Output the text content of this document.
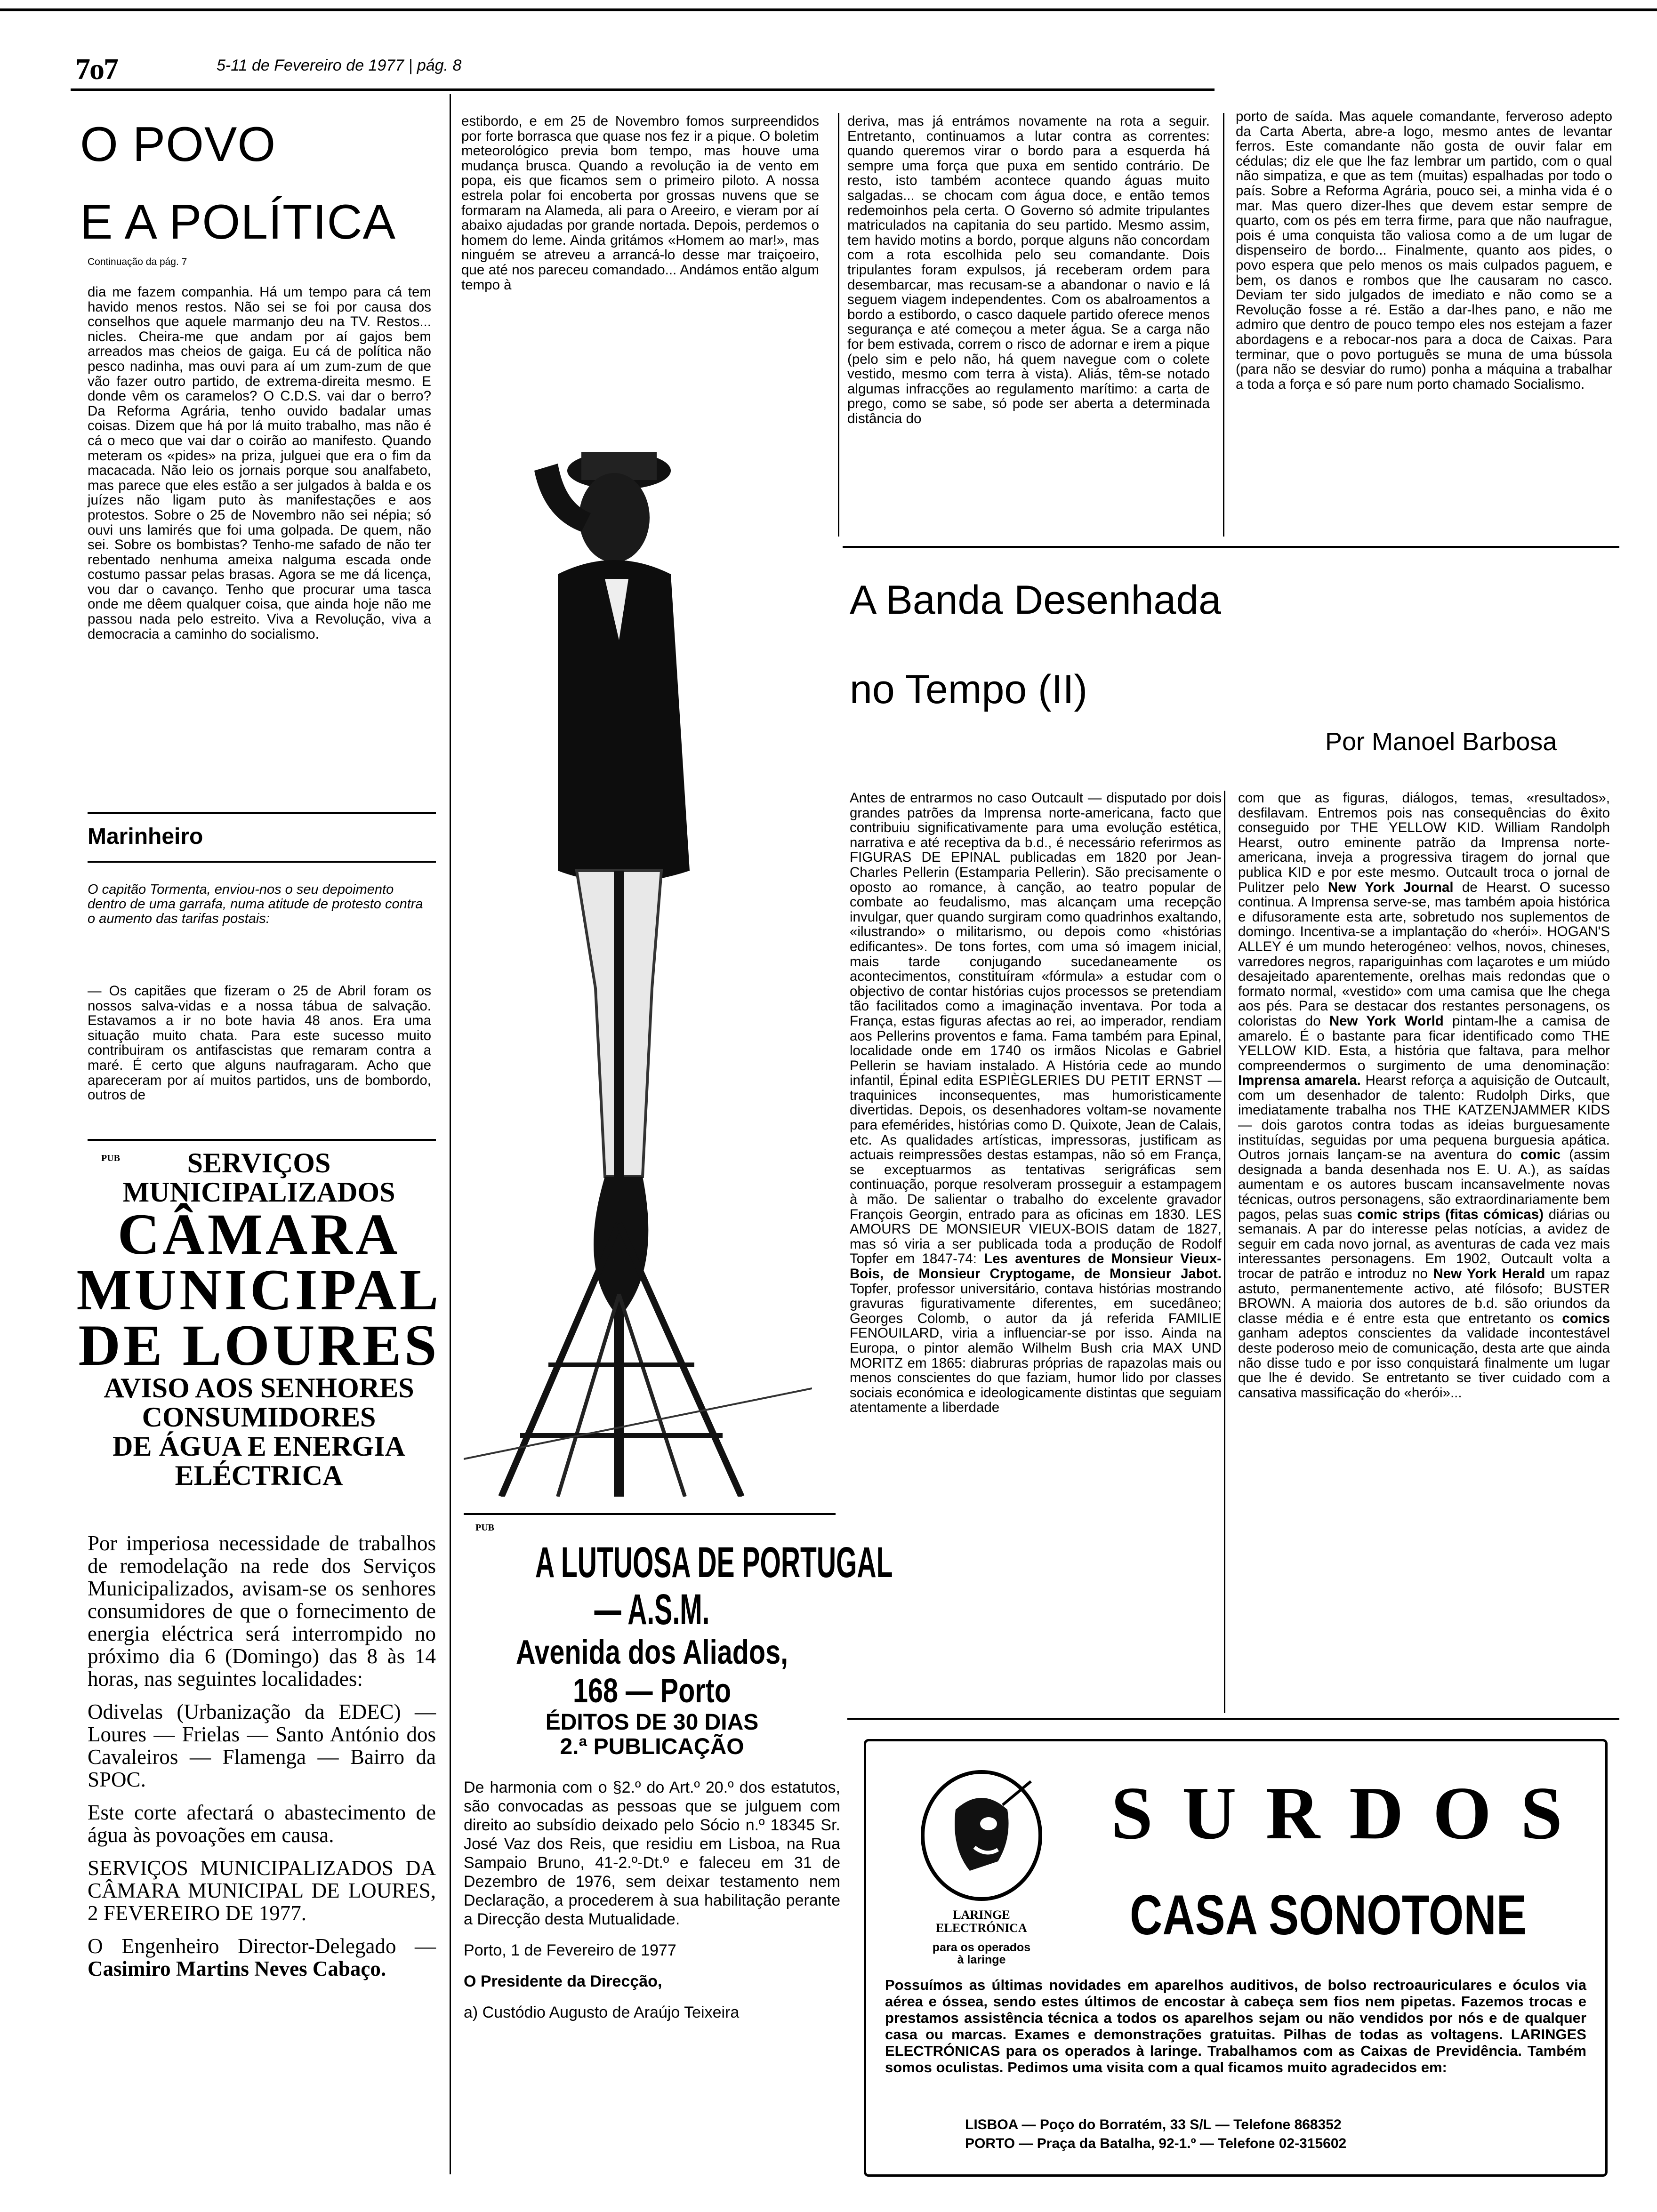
7o7	5-11 de Fevereiro de 1977 | pág. 8
O POVO
E A POLÍTICA
Continuação da pág. 7

dia me fazem companhia. Há um tempo para cá tem havido menos restos. Não sei se foi por causa dos conselhos que aquele marmanjo deu na TV. Restos... nicles. Cheira-me que andam por aí gajos bem arreados mas cheios de gaiga. Eu cá de política não pesco nadinha, mas ouvi para aí um zum-zum de que vão fazer outro partido, de extrema-direita mesmo. E donde vêm os caramelos? O C.D.S. vai dar o berro? Da Reforma Agrária, tenho ouvido badalar umas coisas. Dizem que há por lá muito trabalho, mas não é cá o meco que vai dar o coirão ao manifesto. Quando meteram os «pides» na priza, julguei que era o fim da macacada. Não leio os jornais porque sou analfabeto, mas parece que eles estão a ser julgados à balda e os juízes não ligam puto às manifestações e aos protestos. Sobre o 25 de Novembro não sei népia; só ouvi uns lamirés que foi uma golpada. De quem, não sei. Sobre os bombistas? Tenho-me safado de não ter rebentado nenhuma ameixa nalguma escada onde costumo passar pelas brasas. Agora se me dá licença, vou dar o cavanço. Tenho que procurar uma tasca onde me dêem qualquer coisa, que ainda hoje não me passou nada pelo estreito. Viva a Revolução, viva a democracia a caminho do socialismo.

Marinheiro
O capitão Tormenta, enviou-nos o seu depoimento dentro de uma garrafa, numa atitude de protesto contra o aumento das tarifas postais:

— Os capitães que fizeram o 25 de Abril foram os nossos salva-vidas e a nossa tábua de salvação. Estavamos a ir no bote havia 48 anos. Era uma situação muito chata. Para este sucesso muito contribuiram os antifascistas que remaram contra a maré. É certo que alguns naufragaram. Acho que apareceram por aí muitos partidos, uns de bombordo, outros de

estibordo, e em 25 de Novembro fomos surpreendidos por forte borrasca que quase nos fez ir a pique. O boletim meteorológico previa bom tempo, mas houve uma mudança brusca. Quando a revolução ia de vento em popa, eis que ficamos sem o primeiro piloto. A nossa estrela polar foi encoberta por grossas nuvens que se formaram na Alameda, ali para o Areeiro, e vieram por aí abaixo ajudadas por grande nortada. Depois, perdemos o homem do leme. Ainda gritámos «Homem ao mar!», mas ninguém se atreveu a arrancá-lo desse mar traiçoeiro, que até nos pareceu comandado... Andámos então algum tempo à

deriva, mas já entrámos novamente na rota a seguir. Entretanto, continuamos a lutar contra as correntes: quando queremos virar o bordo para a esquerda há sempre uma força que puxa em sentido contrário. De resto, isto também acontece quando águas muito salgadas... se chocam com água doce, e então temos redemoinhos pela certa. O Governo só admite tripulantes matriculados na capitania do seu partido. Mesmo assim, tem havido motins a bordo, porque alguns não concordam com a rota escolhida pelo seu comandante. Dois tripulantes foram expulsos, já receberam ordem para desembarcar, mas recusam-se a abandonar o navio e lá seguem viagem independentes. Com os abalroamentos a bordo a estibordo, o casco daquele partido oferece menos segurança e até começou a meter água. Se a carga não for bem estivada, correm o risco de adornar e irem a pique (pelo sim e pelo não, há quem navegue com o colete vestido, mesmo com terra à vista). Aliás, têm-se notado algumas infracções ao regulamento marítimo: a carta de prego, como se sabe, só pode ser aberta a determinada distância do

porto de saída. Mas aquele comandante, ferveroso adepto da Carta Aberta, abre-a logo, mesmo antes de levantar ferros. Este comandante não gosta de ouvir falar em cédulas; diz ele que lhe faz lembrar um partido, com o qual não simpatiza, e que as tem (muitas) espalhadas por todo o país. Sobre a Reforma Agrária, pouco sei, a minha vida é o mar. Mas quero dizer-lhes que devem estar sempre de quarto, com os pés em terra firme, para que não naufrague, pois é uma conquista tão valiosa como a de um lugar de dispenseiro de bordo... Finalmente, quanto aos pides, o povo espera que pelo menos os mais culpados paguem, e bem, os danos e rombos que lhe causaram no casco. Deviam ter sido julgados de imediato e não como se a Revolução fosse a ré. Estão a dar-lhes pano, e não me admiro que dentro de pouco tempo eles nos estejam a fazer abordagens e a rebocar-nos para a doca de Caixas. Para terminar, que o povo português se muna de uma bússola (para não se desviar do rumo) ponha a máquina a trabalhar a toda a força e só pare num porto chamado Socialismo.

PUB	SERVIÇOS
MUNICIPALIZADOS
CÂMARA
MUNICIPAL
DE LOURES
AVISO AOS SENHORES
CONSUMIDORES
DE ÁGUA E ENERGIA
ELÉCTRICA

Por imperiosa necessidade de trabalhos de remodelação na rede dos Serviços Municipalizados, avisam-se os senhores consumidores de que o fornecimento de energia eléctrica será interrompido no próximo dia 6 (Domingo) das 8 às 14 horas, nas seguintes localidades:

Odivelas (Urbanização da EDEC) — Loures — Frielas — Santo António dos Cavaleiros — Flamenga — Bairro da SPOC.

Este corte afectará o abastecimento de água às povoações em causa.

SERVIÇOS MUNICIPALIZADOS DA CÂMARA MUNICIPAL DE LOURES, 2 FEVEREIRO DE 1977.

O Engenheiro Director-Delegado — Casimiro Martins Neves Cabaço.

PUB
A LUTUOSA DE PORTUGAL
— A.S.M.
Avenida dos Aliados,
168 — Porto
ÉDITOS DE 30 DIAS
2.ª PUBLICAÇÃO

De harmonia com o §2.º do Art.º 20.º dos estatutos, são convocadas as pessoas que se julguem com direito ao subsídio deixado pelo Sócio n.º 18345 Sr. José Vaz dos Reis, que residiu em Lisboa, na Rua Sampaio Bruno, 41-2.º-Dt.º e faleceu em 31 de Dezembro de 1976, sem deixar testamento nem Declaração, a procederem à sua habilitação perante a Direcção desta Mutualidade.

Porto, 1 de Fevereiro de 1977

O Presidente da Direcção,

a) Custódio Augusto de Araújo Teixeira

A Banda Desenhada
no Tempo (II)
Por Manoel Barbosa

Antes de entrarmos no caso Outcault — disputado por dois grandes patrões da Imprensa norte-americana, facto que contribuiu significativamente para uma evolução estética, narrativa e até receptiva da b.d., é necessário referirmos as FIGURAS DE EPINAL publicadas em 1820 por Jean-Charles Pellerin (Estamparia Pellerin). São precisamente o oposto ao romance, à canção, ao teatro popular de combate ao feudalismo, mas alcançam uma recepção invulgar, quer quando surgiram como quadrinhos exaltando, «ilustrando» o militarismo, ou depois como «histórias edificantes». De tons fortes, com uma só imagem inicial, mais tarde conjugando sucedaneamente os acontecimentos, constituíram «fórmula» a estudar com o objectivo de contar histórias cujos processos se pretendiam tão facilitados como a imaginação inventava. Por toda a França, estas figuras afectas ao rei, ao imperador, rendiam aos Pellerins proventos e fama. Fama também para Epinal, localidade onde em 1740 os irmãos Nicolas e Gabriel Pellerin se haviam instalado. A História cede ao mundo infantil, Épinal edita ESPIÈGLERIES DU PETIT ERNST — traquinices inconsequentes, mas humoristicamente divertidas. Depois, os desenhadores voltam-se novamente para efemérides, histórias como D. Quixote, Jean de Calais, etc. As qualidades artísticas, impressoras, justificam as actuais reimpressões destas estampas, não só em França, se exceptuarmos as tentativas serigráficas sem continuação, porque resolveram prosseguir a estampagem à mão. De salientar o trabalho do excelente gravador François Georgin, entrado para as oficinas em 1830. LES AMOURS DE MONSIEUR VIEUX-BOIS datam de 1827, mas só viria a ser publicada toda a produção de Rodolf Topfer em 1847-74: Les aventures de Monsieur Vieux-Bois, de Monsieur Cryptogame, de Monsieur Jabot. Topfer, professor universitário, contava histórias mostrando gravuras figurativamente diferentes, em sucedâneo; Georges Colomb, o autor da já referida FAMILIE FENOUILARD, viria a influenciar-se por isso. Ainda na Europa, o pintor alemão Wilhelm Bush cria MAX UND MORITZ em 1865: diabruras próprias de rapazolas mais ou menos conscientes do que faziam, humor lido por classes sociais económica e ideologicamente distintas que seguiam atentamente a liberdade

com que as figuras, diálogos, temas, «resultados», desfilavam. Entremos pois nas consequências do êxito conseguido por THE YELLOW KID. William Randolph Hearst, outro eminente patrão da Imprensa norte-americana, inveja a progressiva tiragem do jornal que publica KID e por este mesmo. Outcault troca o jornal de Pulitzer pelo New York Journal de Hearst. O sucesso continua. A Imprensa serve-se, mas também apoia histórica e difusoramente esta arte, sobretudo nos suplementos de domingo. Incentiva-se a implantação do «herói». HOGAN'S ALLEY é um mundo heterogéneo: velhos, novos, chineses, varredores negros, rapariguinhas com laçarotes e um miúdo desajeitado aparentemente, orelhas mais redondas que o formato normal, «vestido» com uma camisa que lhe chega aos pés. Para se destacar dos restantes personagens, os coloristas do New York World pintam-lhe a camisa de amarelo. É o bastante para ficar identificado como THE YELLOW KID. Esta, a história que faltava, para melhor compreendermos o surgimento de uma denominação: Imprensa amarela. Hearst reforça a aquisição de Outcault, com um desenhador de talento: Rudolph Dirks, que imediatamente trabalha nos THE KATZENJAMMER KIDS — dois garotos contra todas as ideias burguesamente instituídas, seguidas por uma pequena burguesia apática. Outros jornais lançam-se na aventura do comic (assim designada a banda desenhada nos E. U. A.), as saídas aumentam e os autores buscam incansavelmente novas técnicas, outros personagens, são extraordinariamente bem pagos, pelas suas comic strips (fitas cómicas) diárias ou semanais. A par do interesse pelas notícias, a avidez de seguir em cada novo jornal, as aventuras de cada vez mais interessantes personagens. Em 1902, Outcault volta a trocar de patrão e introduz no New York Herald um rapaz astuto, permanentemente activo, até filósofo; BUSTER BROWN. A maioria dos autores de b.d. são oriundos da classe média e é entre esta que entretanto os comics ganham adeptos conscientes da validade incontestável deste poderoso meio de comunicação, desta arte que ainda não disse tudo e por isso conquistará finalmente um lugar que lhe é devido. Se entretanto se tiver cuidado com a cansativa massificação do «herói»...

LARINGE
ELECTRÓNICA
para os operados
à laringe
SURDOS
CASA SONOTONE
Possuímos as últimas novidades em aparelhos auditivos, de bolso rectroauriculares e óculos via aérea e óssea, sendo estes últimos de encostar à cabeça sem fios nem pipetas. Fazemos trocas e prestamos assistência técnica a todos os aparelhos sejam ou não vendidos por nós e de qualquer casa ou marcas. Exames e demonstrações gratuitas. Pilhas de todas as voltagens. LARINGES ELECTRÓNICAS para os operados à laringe. Trabalhamos com as Caixas de Previdência. Também somos oculistas. Pedimos uma visita com a qual ficamos muito agradecidos em:
LISBOA — Poço do Borratém, 33 S/L — Telefone 868352
PORTO — Praça da Batalha, 92-1.º — Telefone 02-315602
